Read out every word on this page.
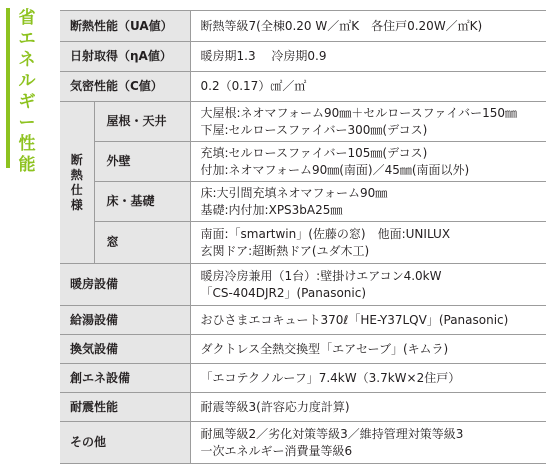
省
エ
ネ
ル
ギ
ー
性
能
断熱性能（UA値）		断熱等級7(全棟0.20 W／㎡K　各住戸0.20W／㎡K)

日射取得（ηA値）		暖房期1.3　 冷房期0.9

気密性能（C値）		0.2（0.17）㎠／㎡

断
熱
仕
様	屋根・天井	大屋根:ネオマフォーム90㎜＋セルロースファイバー150㎜
下屋:セルロースファイバー300㎜(デコス)

	外壁	充填:セルロースファイバー105㎜(デコス)
付加:ネオマフォーム90㎜(南面)／45㎜(南面以外)

	床・基礎	床:大引間充填ネオマフォーム90㎜
基礎:内付加:XPS3bA25㎜

	窓	南面:「smartwin」(佐藤の窓)　他面:UNILUX
玄関ドア:超断熱ドア(ユダ木工)

暖房設備		暖房冷房兼用（1台）:壁掛けエアコン4.0kW
「CS-404DJR2」(Panasonic)

給湯設備		おひさまエコキュート370ℓ「HE-Y37LQV」(Panasonic)

換気設備		ダクトレス全熱交換型「エアセーブ」(キムラ)

創エネ設備		「エコテクノルーフ」7.4kW（3.7kW×2住戸）

耐震性能		耐震等級3(許容応力度計算)

その他		耐風等級2／劣化対策等級3／維持管理対策等級3
一次エネルギー消費量等級6
